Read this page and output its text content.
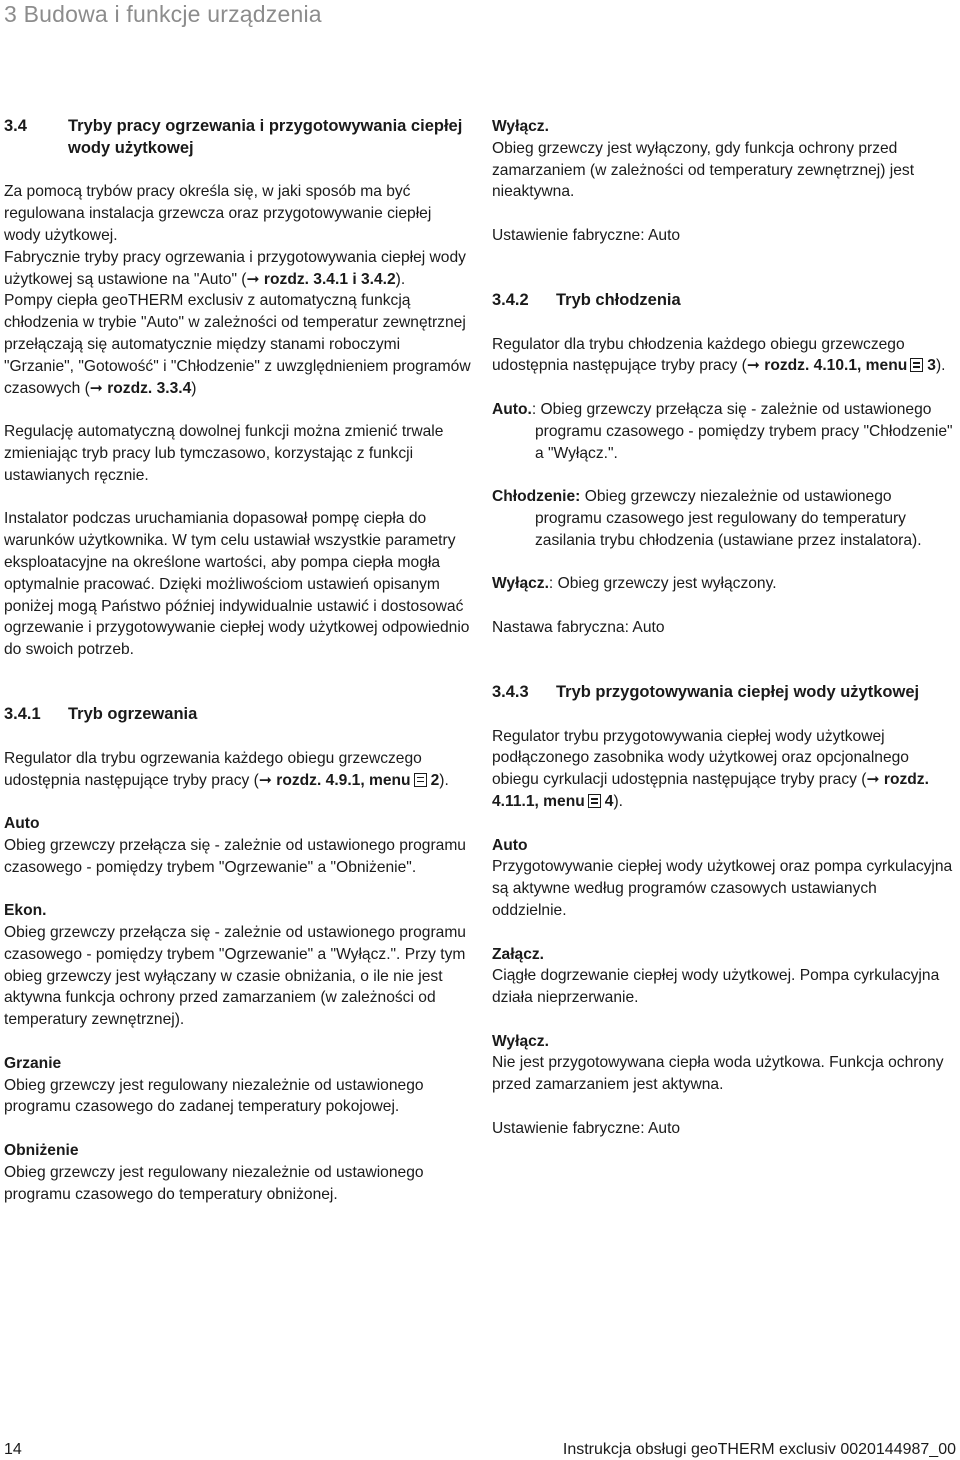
3 Budowa i funkcje urządzenia
3.4	Tryby pracy ogrzewania i przygotowywania ciepłej wody użytkowej

Za pomocą trybów pracy określa się, w jaki sposób ma być regulowana instalacja grzewcza oraz przygotowywanie ciepłej wody użytkowej.

Fabrycznie tryby pracy ogrzewania i przygotowywania ciepłej wody użytkowej są ustawione na "Auto" (➞ rozdz. 3.4.1 i 3.4.2).

Pompy ciepła geoTHERM exclusiv z automatyczną funkcją chłodzenia w trybie "Auto" w zależności od temperatur zewnętrznej przełączają się automatycznie między stanami roboczymi "Grzanie", "Gotowość" i "Chłodzenie" z uwzględnieniem programów czasowych (➞ rozdz. 3.3.4)

Regulację automatyczną dowolnej funkcji można zmienić trwale zmieniając tryb pracy lub tymczasowo, korzystając z funkcji ustawianych ręcznie.

Instalator podczas uruchamiania dopasował pompę ciepła do warunków użytkownika. W tym celu ustawiał wszystkie parametry eksploatacyjne na określone wartości, aby pompa ciepła mogła optymalnie pracować. Dzięki możliwościom ustawień opisanym poniżej mogą Państwo później indywidualnie ustawić i dostosować ogrzewanie i przygotowywanie ciepłej wody użytkowej odpowiednio do swoich potrzeb.

3.4.1	Tryb ogrzewania

Regulator dla trybu ogrzewania każdego obiegu grzewczego udostępnia następujące tryby pracy (➞ rozdz. 4.9.1, menu 2).

Auto

Obieg grzewczy przełącza się - zależnie od ustawionego programu czasowego - pomiędzy trybem "Ogrzewanie" a "Obniżenie".

Ekon.

Obieg grzewczy przełącza się - zależnie od ustawionego programu czasowego - pomiędzy trybem "Ogrzewanie" a "Wyłącz.". Przy tym obieg grzewczy jest wyłączany w czasie obniżania, o ile nie jest aktywna funkcja ochrony przed zamarzaniem (w zależności od temperatury zewnętrznej).

Grzanie

Obieg grzewczy jest regulowany niezależnie od ustawionego programu czasowego do zadanej temperatury pokojowej.

Obniżenie

Obieg grzewczy jest regulowany niezależnie od ustawionego programu czasowego do temperatury obniżonej.

Wyłącz.

Obieg grzewczy jest wyłączony, gdy funkcja ochrony przed zamarzaniem (w zależności od temperatury zewnętrznej) jest nieaktywna.

Ustawienie fabryczne: Auto

3.4.2	Tryb chłodzenia

Regulator dla trybu chłodzenia każdego obiegu grzewczego udostępnia następujące tryby pracy (➞ rozdz. 4.10.1, menu 3).

Auto.: Obieg grzewczy przełącza się - zależnie od ustawionego programu czasowego - pomiędzy trybem pracy "Chłodzenie" a "Wyłącz.".

Chłodzenie: Obieg grzewczy niezależnie od ustawionego programu czasowego jest regulowany do temperatury zasilania trybu chłodzenia (ustawiane przez instalatora).

Wyłącz.: Obieg grzewczy jest wyłączony.

Nastawa fabryczna: Auto

3.4.3	Tryb przygotowywania ciepłej wody użytkowej

Regulator trybu przygotowywania ciepłej wody użytkowej podłączonego zasobnika wody użytkowej oraz opcjonalnego obiegu cyrkulacji udostępnia następujące tryby pracy (➞ rozdz. 4.11.1, menu 4).

Auto

Przygotowywanie ciepłej wody użytkowej oraz pompa cyrkulacyjna są aktywne według programów czasowych ustawianych oddzielnie.

Załącz.

Ciągłe dogrzewanie ciepłej wody użytkowej. Pompa cyrkulacyjna działa nieprzerwanie.

Wyłącz.

Nie jest przygotowywana ciepła woda użytkowa. Funkcja ochrony przed zamarzaniem jest aktywna.

Ustawienie fabryczne: Auto

14	Instrukcja obsługi geoTHERM exclusiv 0020144987_00
